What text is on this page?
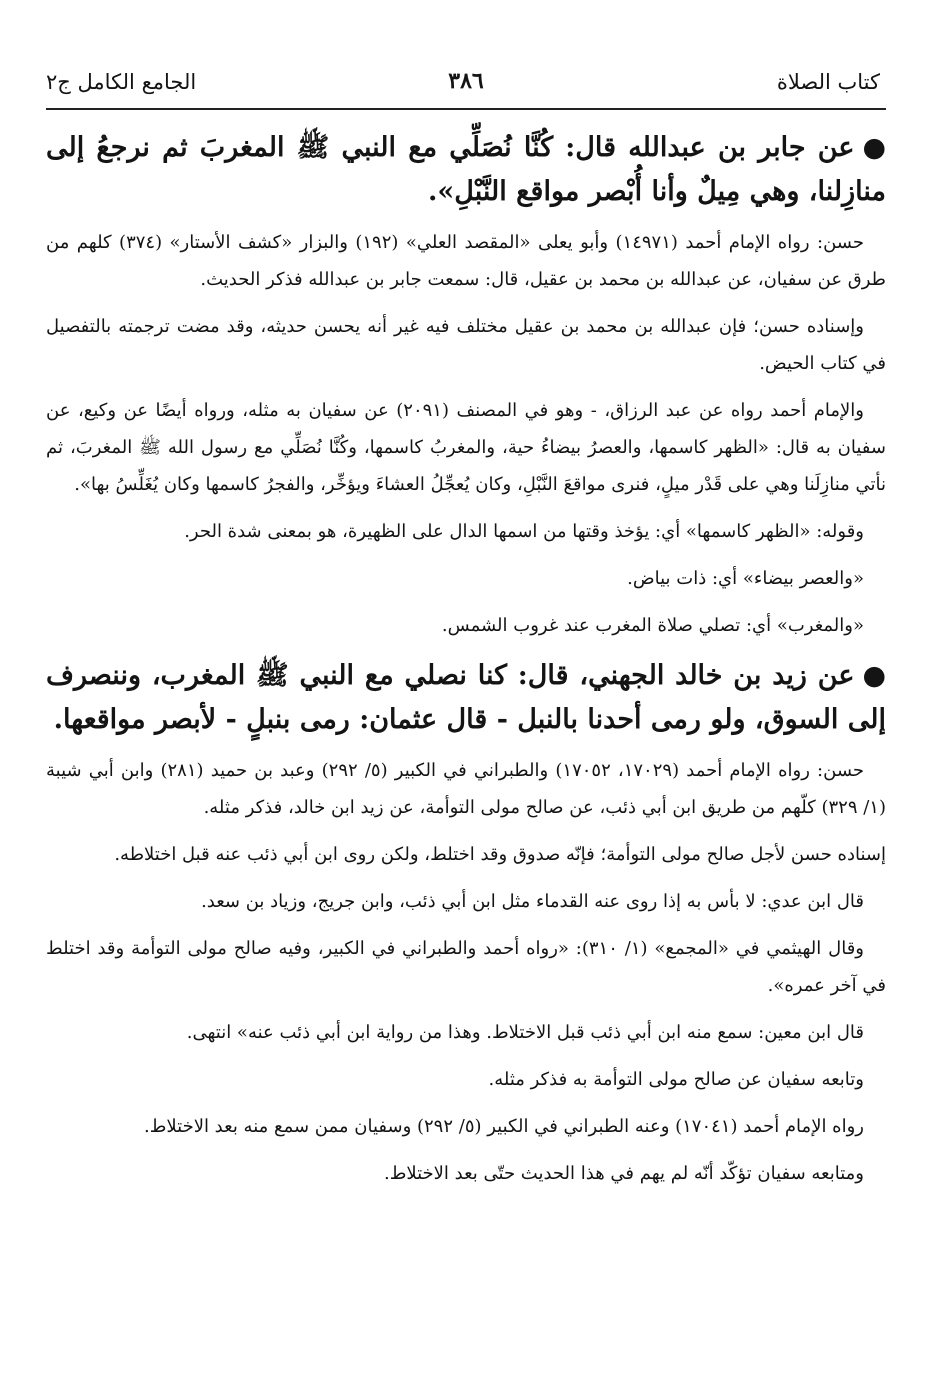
كتاب الصلاة
٣٨٦
الجامع الكامل ج٢

●عن جابر بن عبدالله قال: كُنَّا نُصَلِّي مع النبي ﷺ المغربَ ثم نرجعُ إلى منازِلنا، وهي مِيلٌ وأنا أُبْصر مواقع النَّبْلِ».

حسن: رواه الإمام أحمد (١٤٩٧١) وأبو يعلى «المقصد العلي» (١٩٢) والبزار «كشف الأستار» (٣٧٤) كلهم من طرق عن سفيان، عن عبدالله بن محمد بن عقيل، قال: سمعت جابر بن عبدالله فذكر الحديث.

وإسناده حسن؛ فإن عبدالله بن محمد بن عقيل مختلف فيه غير أنه يحسن حديثه، وقد مضت ترجمته بالتفصيل في كتاب الحيض.

والإمام أحمد رواه عن عبد الرزاق، - وهو في المصنف (٢٠٩١) عن سفيان به مثله، ورواه أيضًا عن وكيع، عن سفيان به قال: «الظهر كاسمها، والعصرُ بيضاءُ حية، والمغربُ كاسمها، وكُنَّا نُصَلِّي مع رسول الله ﷺ المغربَ، ثم نأتي منازِلَنا وهي على قَدْر ميلٍ، فنرى مواقعَ النَّبْلِ، وكان يُعجِّلُ العشاءَ ويؤخِّر، والفجرُ كاسمها وكان يُغَلِّسُ بها».

وقوله: «الظهر كاسمها» أي: يؤخذ وقتها من اسمها الدال على الظهيرة، هو بمعنى شدة الحر.

«والعصر بيضاء» أي: ذات بياض.

«والمغرب» أي: تصلي صلاة المغرب عند غروب الشمس.

●عن زيد بن خالد الجهني، قال: كنا نصلي مع النبي ﷺ المغرب، وننصرف إلى السوق، ولو رمى أحدنا بالنبل - قال عثمان: رمى بنبلٍ - لأبصر مواقعها.

حسن: رواه الإمام أحمد (١٧٠٢٩، ١٧٠٥٢) والطبراني في الكبير (٥/ ٢٩٢) وعبد بن حميد (٢٨١) وابن أبي شيبة (١/ ٣٢٩) كلّهم من طريق ابن أبي ذئب، عن صالح مولى التوأمة، عن زيد ابن خالد، فذكر مثله.

إسناده حسن لأجل صالح مولى التوأمة؛ فإنّه صدوق وقد اختلط، ولكن روى ابن أبي ذئب عنه قبل اختلاطه.

قال ابن عدي: لا بأس به إذا روى عنه القدماء مثل ابن أبي ذئب، وابن جريج، وزياد بن سعد.

وقال الهيثمي في «المجمع» (١/ ٣١٠): «رواه أحمد والطبراني في الكبير، وفيه صالح مولى التوأمة وقد اختلط في آخر عمره».

قال ابن معين: سمع منه ابن أبي ذئب قبل الاختلاط. وهذا من رواية ابن أبي ذئب عنه» انتهى.

وتابعه سفيان عن صالح مولى التوأمة به فذكر مثله.

رواه الإمام أحمد (١٧٠٤١) وعنه الطبراني في الكبير (٥/ ٢٩٢) وسفيان ممن سمع منه بعد الاختلاط.

ومتابعه سفيان تؤكّد أنّه لم يهم في هذا الحديث حتّى بعد الاختلاط.
